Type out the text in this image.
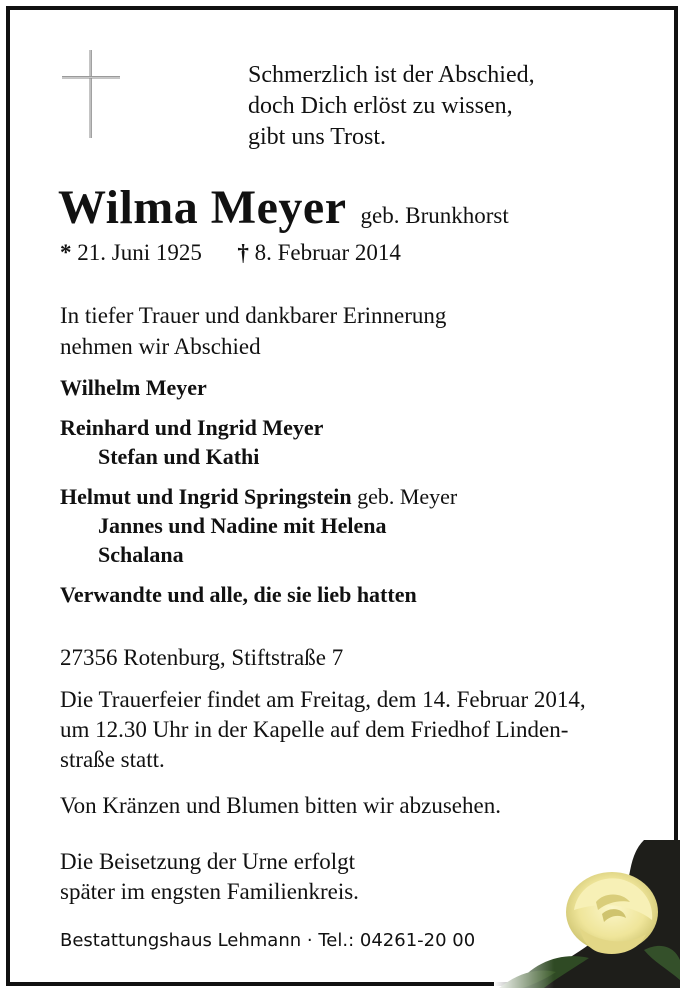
Schmerzlich ist der Abschied,
doch Dich erlöst zu wissen,
gibt uns Trost.
Wilma Meyer geb. Brunkhorst
* 21. Juni 1925 † 8. Februar 2014
In tiefer Trauer und dankbarer Erinnerung
nehmen wir Abschied
Wilhelm Meyer
Reinhard und Ingrid Meyer
Stefan und Kathi
Helmut und Ingrid Springstein geb. Meyer
Jannes und Nadine mit Helena
Schalana
Verwandte und alle, die sie lieb hatten
27356 Rotenburg, Stiftstraße 7
Die Trauerfeier findet am Freitag, dem 14. Februar 2014,
um 12.30 Uhr in der Kapelle auf dem Friedhof Linden-
straße statt.
Von Kränzen und Blumen bitten wir abzusehen.
Die Beisetzung der Urne erfolgt
später im engsten Familienkreis.
Bestattungshaus Lehmann · Tel.: 04261-20 00
